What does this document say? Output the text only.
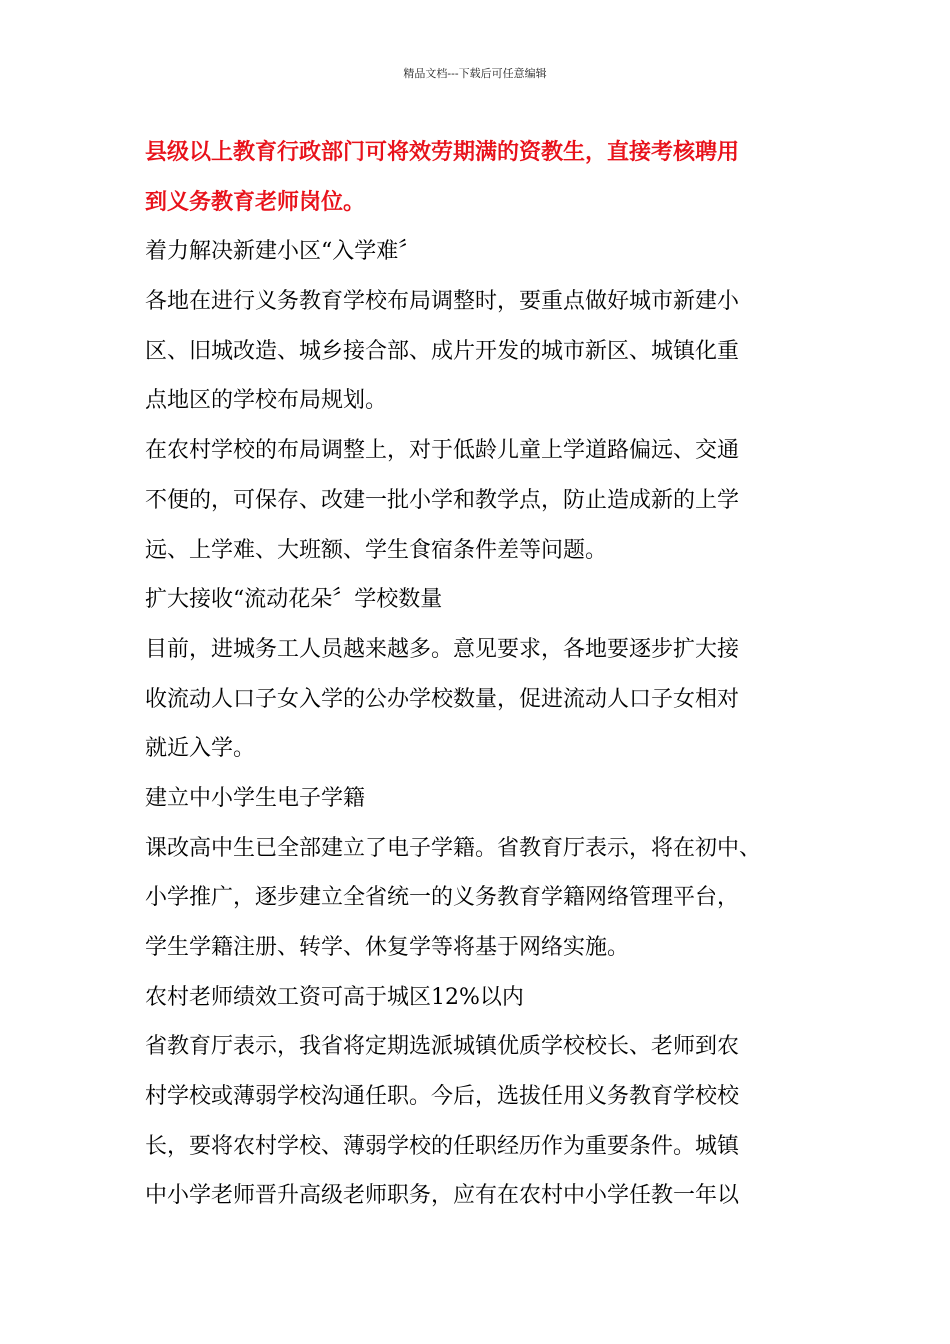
精品文档---下载后可任意编辑
县级以上教育行政部门可将效劳期满的资教生，直接考核聘用
到义务教育老师岗位。
着力解决新建小区“入学难〞
各地在进行义务教育学校布局调整时，要重点做好城市新建小
区、旧城改造、城乡接合部、成片开发的城市新区、城镇化重
点地区的学校布局规划。
在农村学校的布局调整上，对于低龄儿童上学道路偏远、交通
不便的，可保存、改建一批小学和教学点，防止造成新的上学
远、上学难、大班额、学生食宿条件差等问题。
扩大接收“流动花朵〞学校数量
目前，进城务工人员越来越多。意见要求，各地要逐步扩大接
收流动人口子女入学的公办学校数量，促进流动人口子女相对
就近入学。
建立中小学生电子学籍
课改高中生已全部建立了电子学籍。省教育厅表示，将在初中、
小学推广，逐步建立全省统一的义务教育学籍网络管理平台，
学生学籍注册、转学、休复学等将基于网络实施。
农村老师绩效工资可高于城区12%以内
省教育厅表示，我省将定期选派城镇优质学校校长、老师到农
村学校或薄弱学校沟通任职。今后，选拔任用义务教育学校校
长，要将农村学校、薄弱学校的任职经历作为重要条件。城镇
中小学老师晋升高级老师职务，应有在农村中小学任教一年以
